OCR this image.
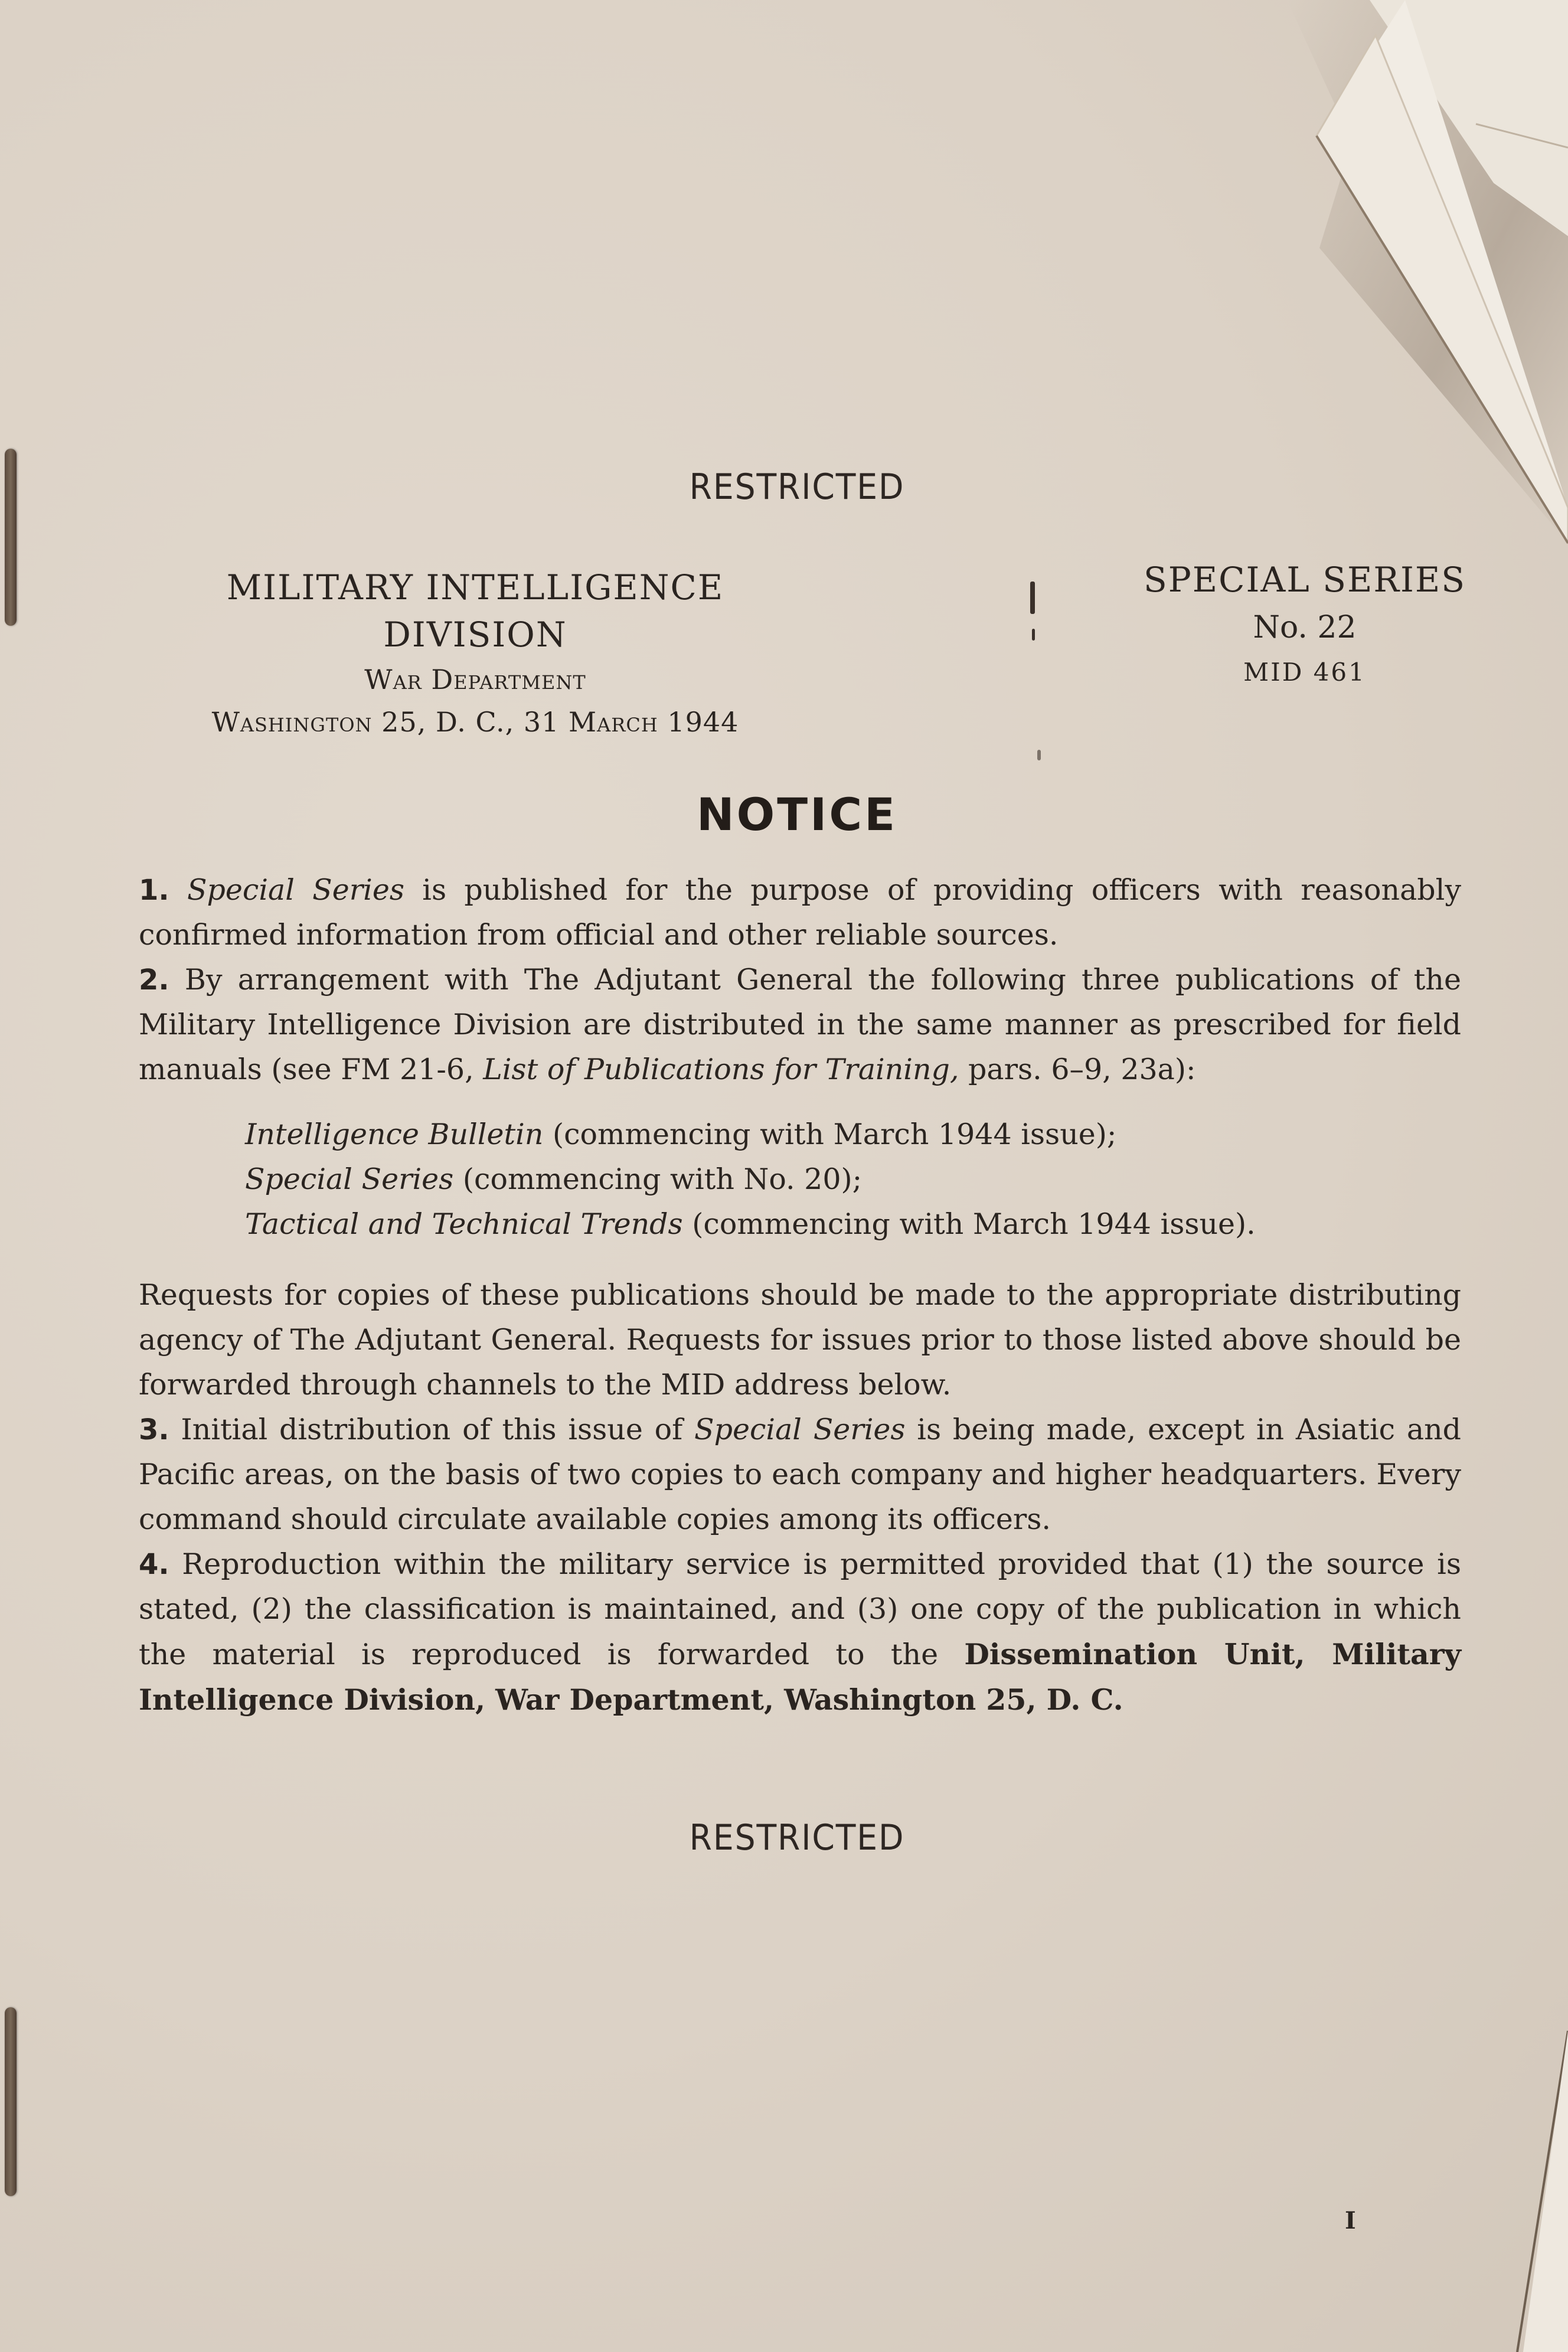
RESTRICTED
MILITARY INTELLIGENCE DIVISION
War Department
Washington 25, D. C., 31 March 1944
SPECIAL SERIES
No. 22
MID 461
NOTICE

1. Special Series is published for the purpose of providing officers with reasonably confirmed information from official and other reliable sources.

2. By arrangement with The Adjutant General the following three publications of the Military Intelligence Division are distributed in the same manner as prescribed for field manuals (see FM 21-6, List of Publications for Training, pars. 6–9, 23a):

Intelligence Bulletin (commencing with March 1944 issue);
Special Series (commencing with No. 20);
Tactical and Technical Trends (commencing with March 1944 issue).

Requests for copies of these publications should be made to the appropriate distributing agency of The Adjutant General. Requests for issues prior to those listed above should be forwarded through channels to the MID address below.

3. Initial distribution of this issue of Special Series is being made, except in Asiatic and Pacific areas, on the basis of two copies to each company and higher headquarters. Every command should circulate available copies among its officers.

4. Reproduction within the military service is permitted provided that (1) the source is stated, (2) the classification is maintained, and (3) one copy of the publication in which the material is reproduced is forwarded to the Dissemination Unit, Military Intelligence Division, War Department, Washington 25, D. C.

RESTRICTED
I
